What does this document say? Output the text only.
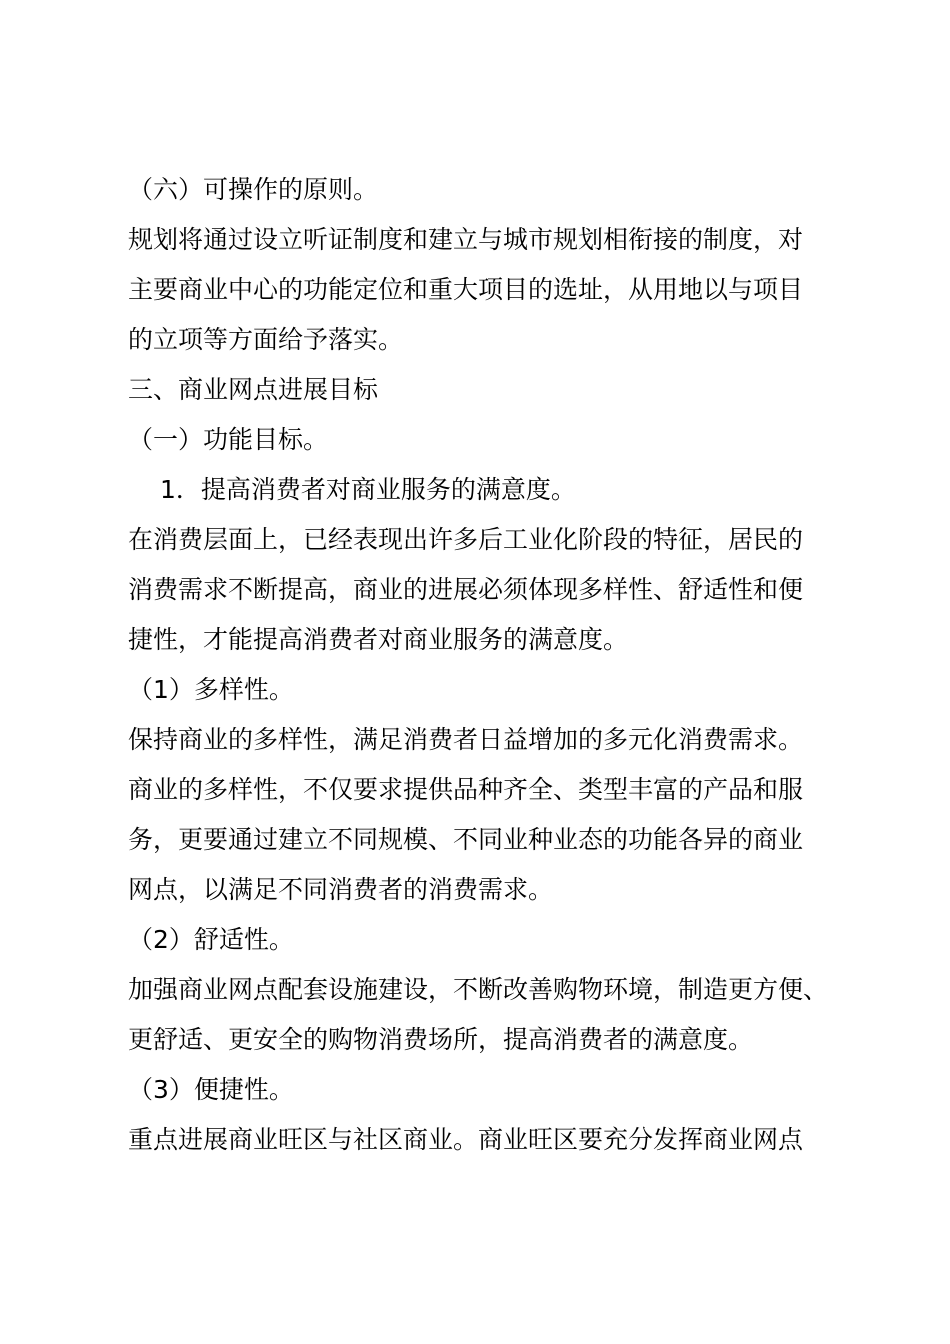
（六）可操作的原则。
规划将通过设立听证制度和建立与城市规划相衔接的制度，对
主要商业中心的功能定位和重大项目的选址，从用地以与项目
的立项等方面给予落实。
三、商业网点进展目标
（一）功能目标。
1．提高消费者对商业服务的满意度。
在消费层面上，已经表现出许多后工业化阶段的特征，居民的
消费需求不断提高，商业的进展必须体现多样性、舒适性和便
捷性，才能提高消费者对商业服务的满意度。
（1）多样性。
保持商业的多样性，满足消费者日益增加的多元化消费需求。
商业的多样性，不仅要求提供品种齐全、类型丰富的产品和服
务，更要通过建立不同规模、不同业种业态的功能各异的商业
网点，以满足不同消费者的消费需求。
（2）舒适性。
加强商业网点配套设施建设，不断改善购物环境，制造更方便、
更舒适、更安全的购物消费场所，提高消费者的满意度。
（3）便捷性。
重点进展商业旺区与社区商业。商业旺区要充分发挥商业网点
